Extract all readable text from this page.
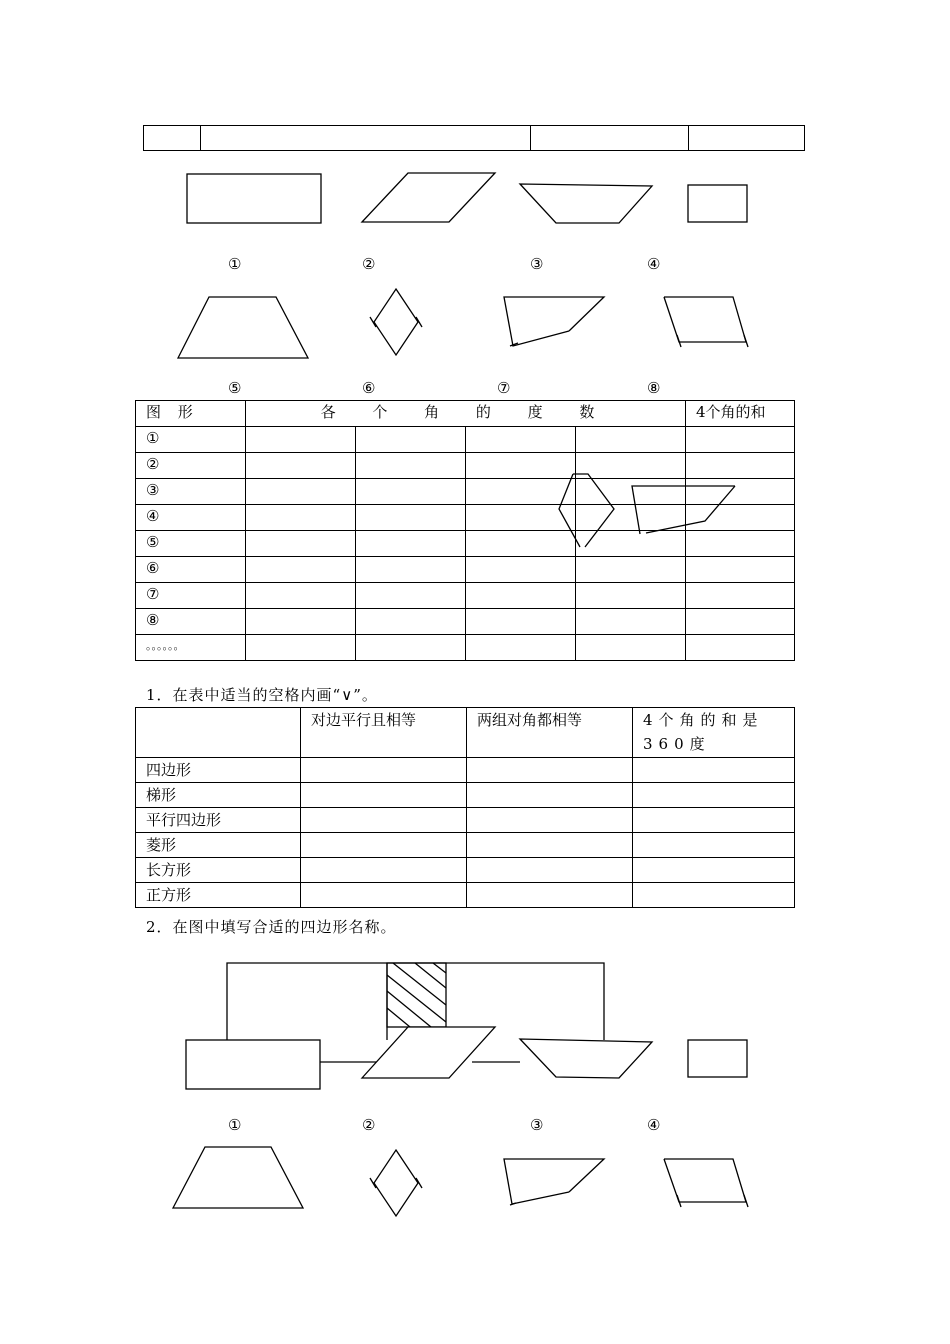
①	②	③	④
⑤	⑥	⑦	⑧
图 形	各 个 角 的 度 数				4个角的和
①					
②					
③					
④					
⑤					
⑥					
⑦					
⑧					
。。。。。。					
1．在表中适当的空格内画“∨”。
	对边平行且相等	两组对角都相等	4个角的和是360度
四边形			
梯形			
平行四边形			
菱形			
长方形			
正方形			
2．在图中填写合适的四边形名称。
①	②	③	④
